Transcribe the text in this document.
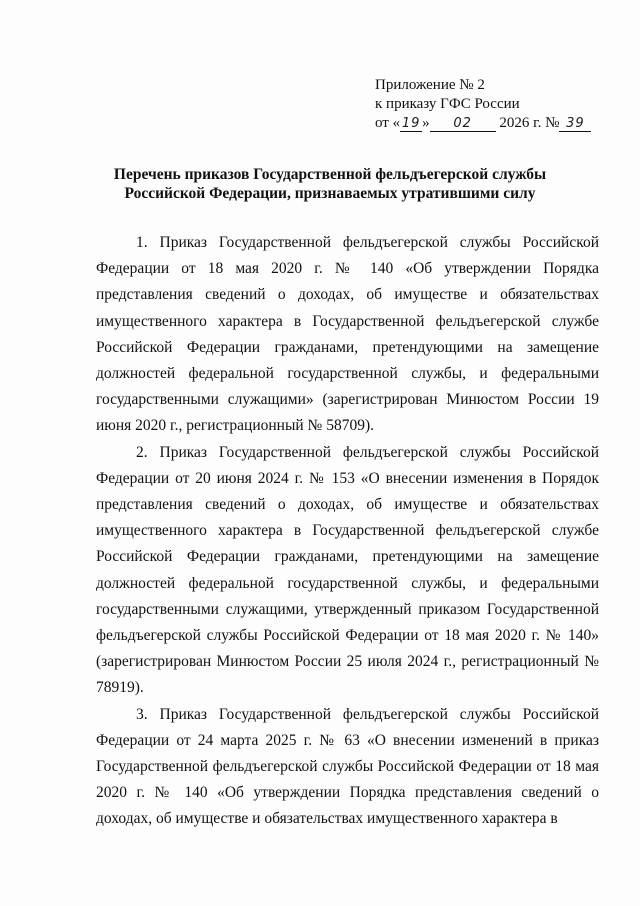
Приложение № 2
к приказу ГФС России
от « 19 » 02 2026 г. № 39
Перечень приказов Государственной фельдъегерской службы
Российской Федерации, признаваемых утратившими силу

1. Приказ Государственной фельдъегерской службы Российской Федерации от 18 мая 2020 г. № 140 «Об утверждении Порядка представления сведений о доходах, об имуществе и обязательствах имущественного характера в Государственной фельдъегерской службе Российской Федерации гражданами, претендующими на замещение должностей федеральной государственной службы, и федеральными государственными служащими» (зарегистрирован Минюстом России 19 июня 2020 г., регистрационный № 58709).

2. Приказ Государственной фельдъегерской службы Российской Федерации от 20 июня 2024 г. № 153 «О внесении изменения в Порядок представления сведений о доходах, об имуществе и обязательствах имущественного характера в Государственной фельдъегерской службе Российской Федерации гражданами, претендующими на замещение должностей федеральной государственной службы, и федеральными государственными служащими, утвержденный приказом Государственной фельдъегерской службы Российской Федерации от 18 мая 2020 г. № 140» (зарегистрирован Минюстом России 25 июля 2024 г., регистрационный № 78919).

3. Приказ Государственной фельдъегерской службы Российской Федерации от 24 марта 2025 г. № 63 «О внесении изменений в приказ Государственной фельдъегерской службы Российской Федерации от 18 мая 2020 г. № 140 «Об утверждении Порядка представления сведений о доходах, об имуществе и обязательствах имущественного характера в
